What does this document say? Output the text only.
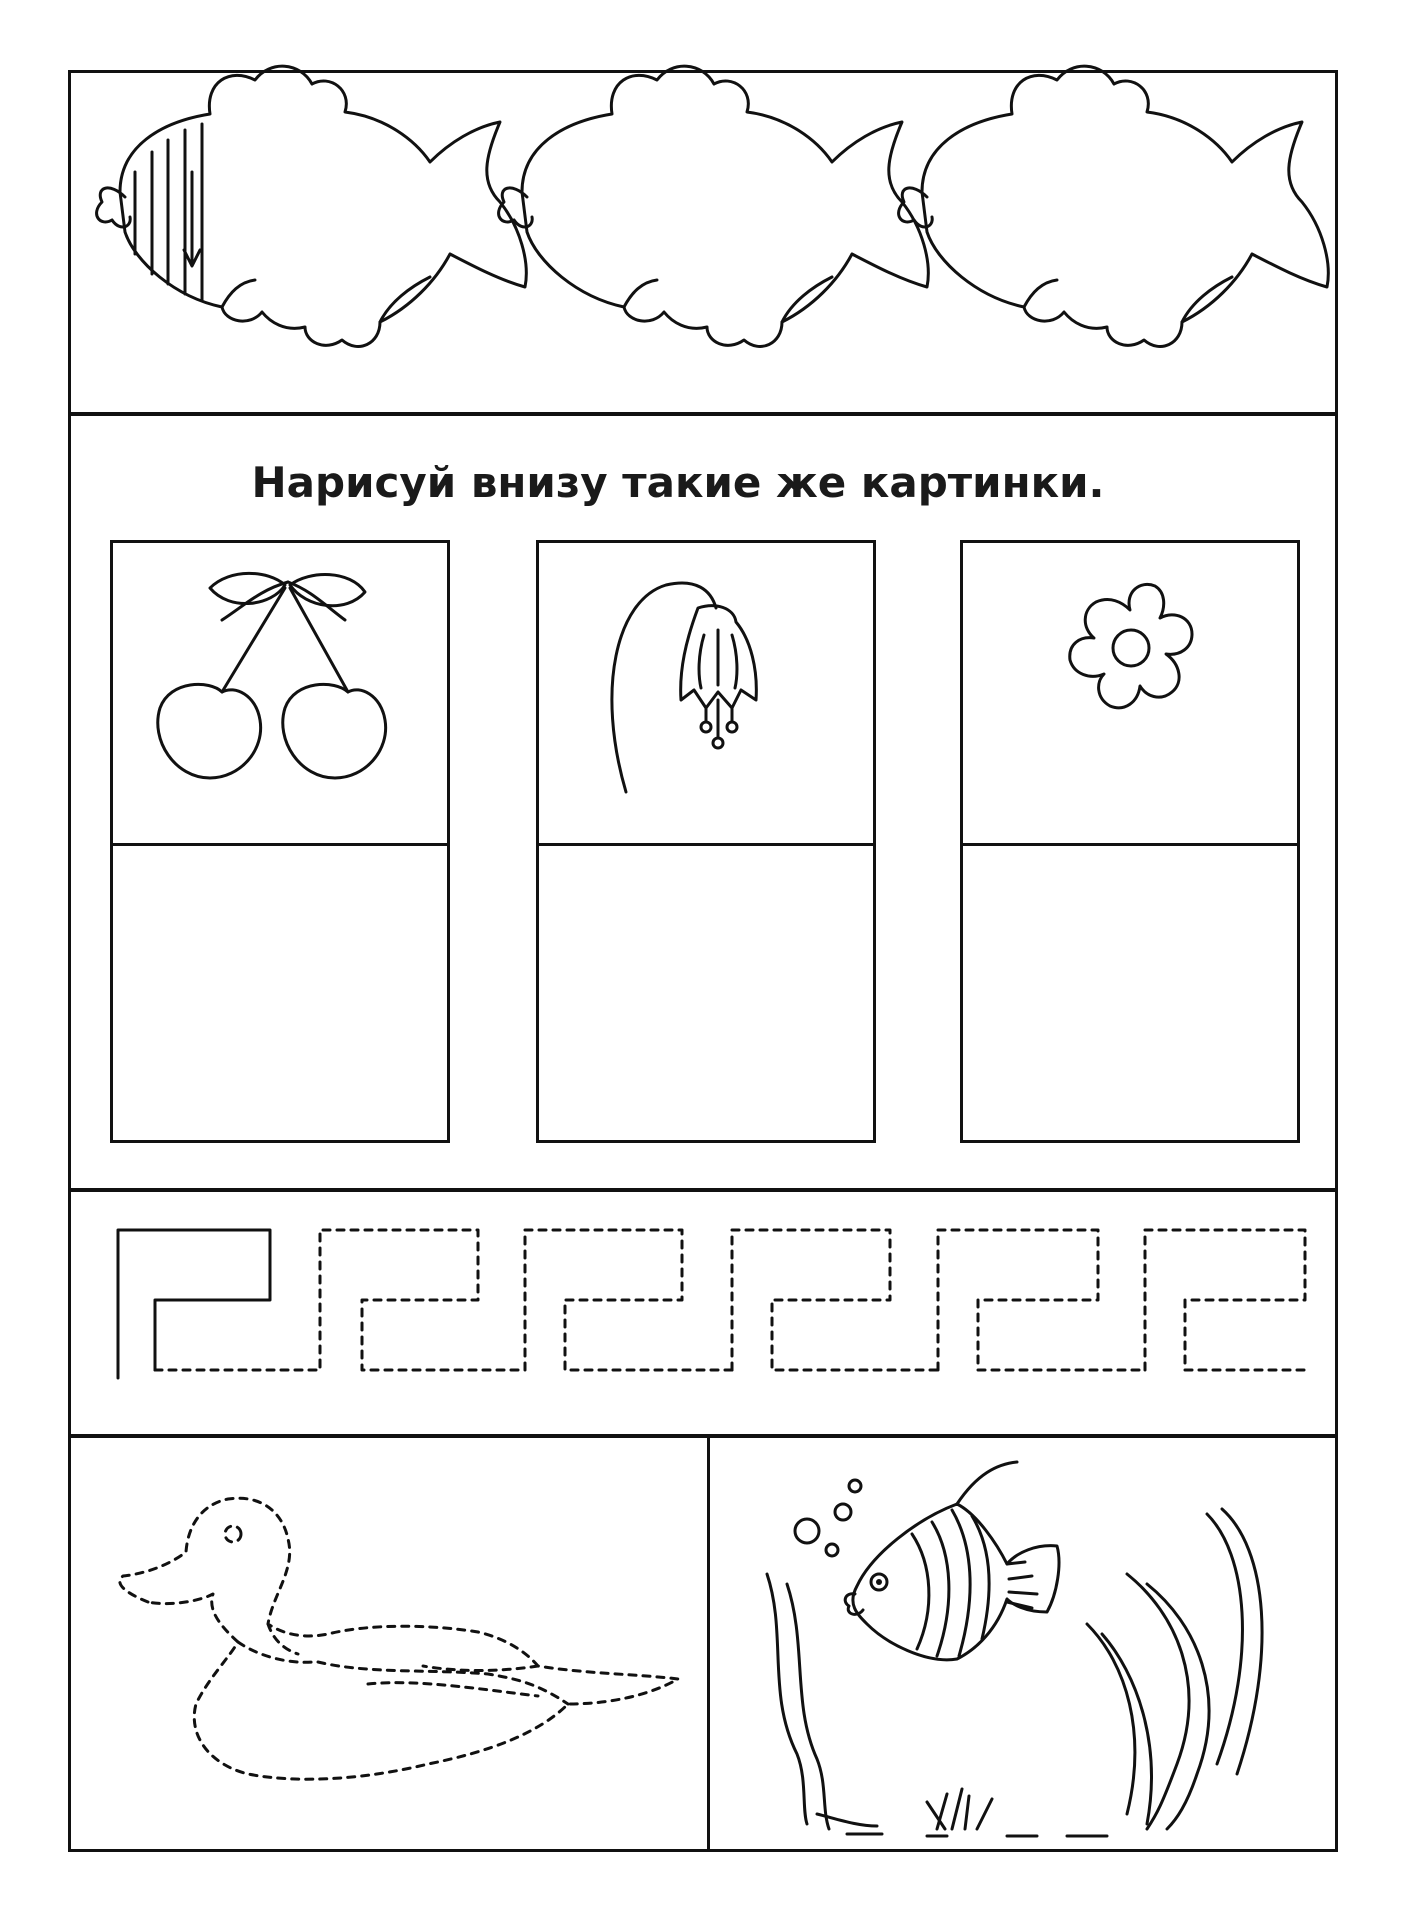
Нарисуй внизу такие же картинки.
